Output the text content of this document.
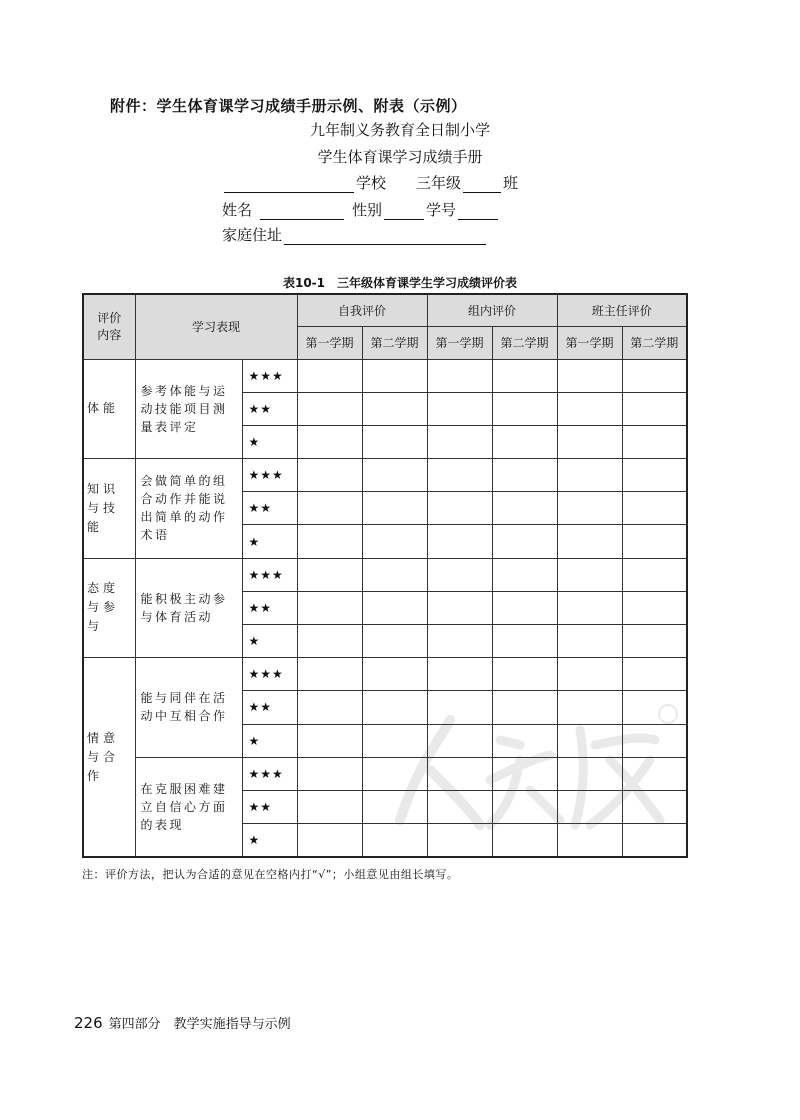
附件：学生体育课学习成绩手册示例、附表（示例）
九年制义务教育全日制小学
学生体育课学习成绩手册
学校 三年级	班
姓名	性别	学号
家庭住址
表10-1　三年级体育课学生学习成绩评价表
评价
内容	学习表现		自我评价		组内评价		班主任评价	
			第一学期	第二学期	第一学期	第二学期	第一学期	第二学期
体能	参考体能与运动技能项目测量表评定	★★★						
		★★						
		★						
知识与技能	会做简单的组合动作并能说出简单的动作术语	★★★						
		★★						
		★						
态度与参与	能积极主动参与体育活动	★★★						
		★★						
		★						
情意与合作	能与同伴在活动中互相合作	★★★						
		★★						
		★						
	在克服困难建立自信心方面的表现	★★★						
		★★						
		★						
注：评价方法，把认为合适的意见在空格内打“√”；小组意见由组长填写。
226 第四部分　教学实施指导与示例
